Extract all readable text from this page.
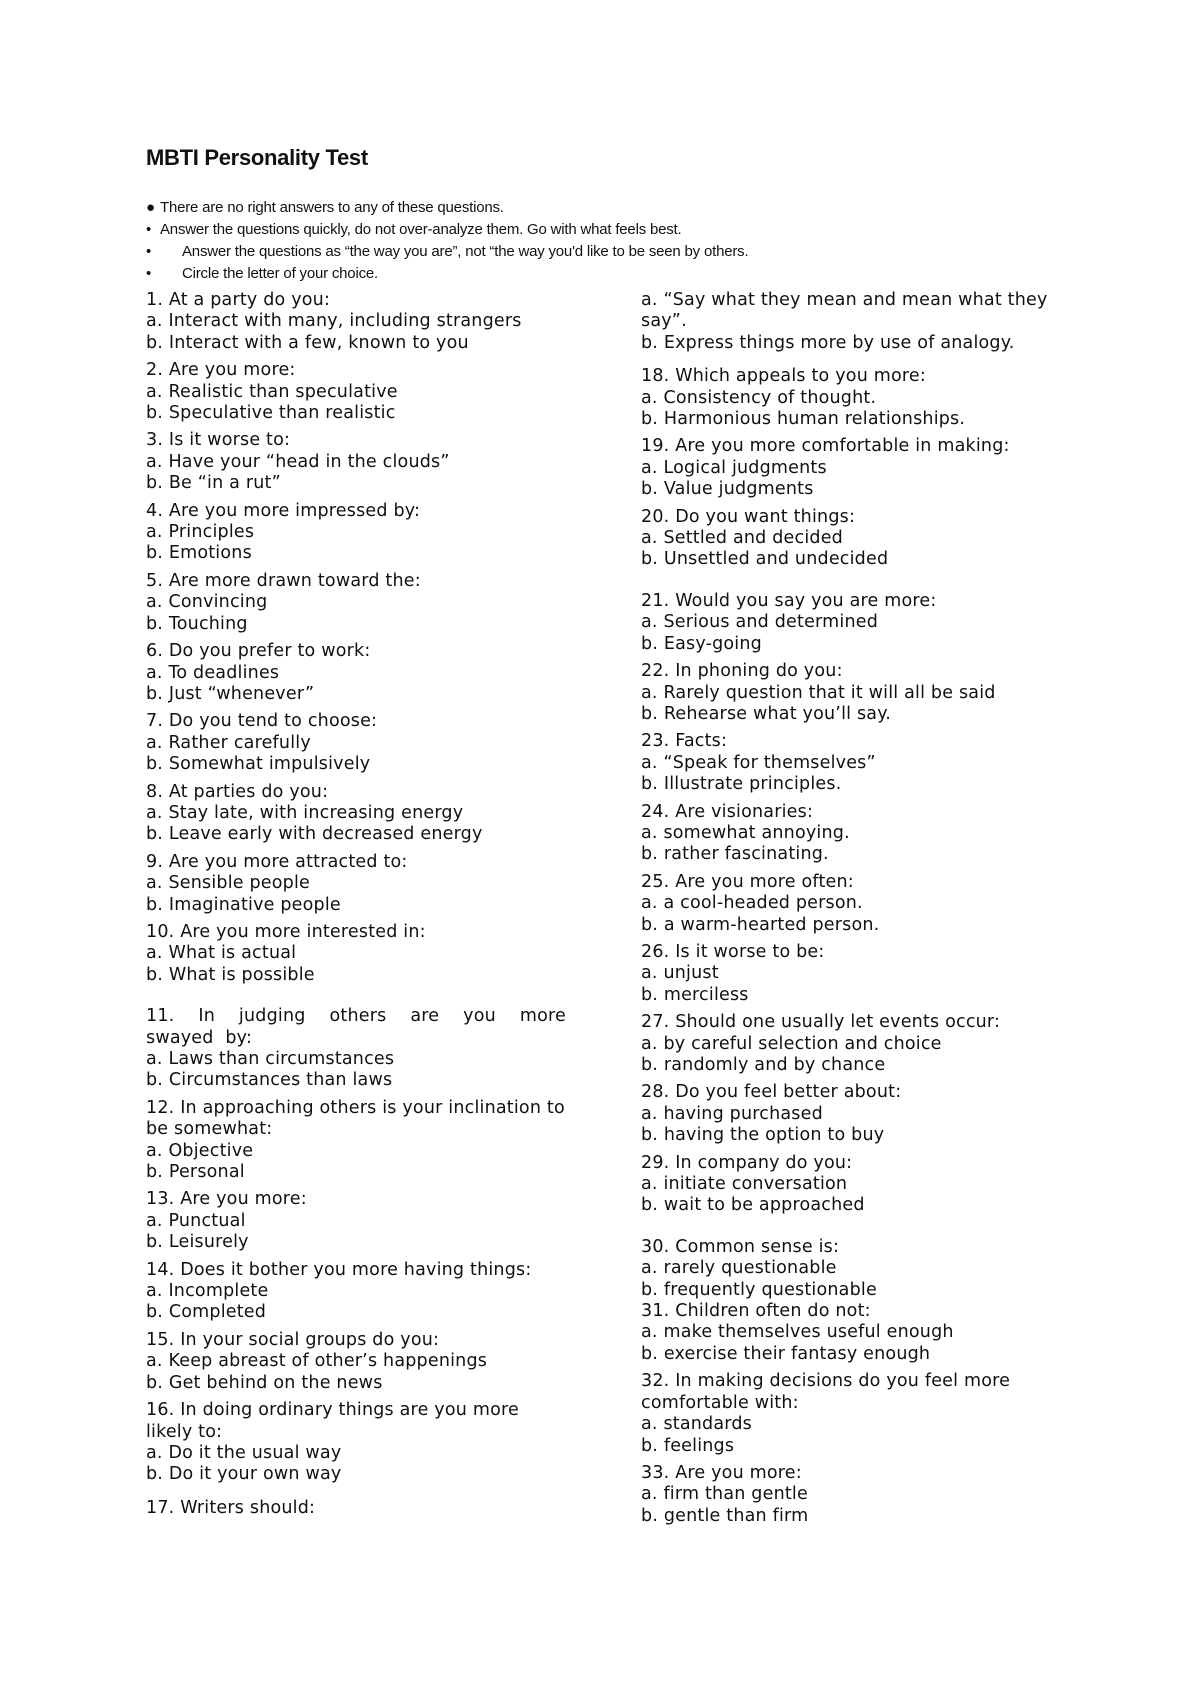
MBTI Personality Test
● There are no right answers to any of these questions.
• Answer the questions quickly, do not over-analyze them. Go with what feels best.
• Answer the questions as “the way you are”, not “the way you'd like to be seen by others.
• Circle the letter of your choice.
1. At a party do you:
a. Interact with many, including strangers
b. Interact with a few, known to you
2. Are you more:
a. Realistic than speculative
b. Speculative than realistic
3. Is it worse to:
a. Have your “head in the clouds”
b. Be “in a rut”
4. Are you more impressed by:
a. Principles
b. Emotions
5. Are more drawn toward the:
a. Convincing
b. Touching
6. Do you prefer to work:
a. To deadlines
b. Just “whenever”
7. Do you tend to choose:
a. Rather carefully
b. Somewhat impulsively
8. At parties do you:
a. Stay late, with increasing energy
b. Leave early with decreased energy
9. Are you more attracted to:
a. Sensible people
b. Imaginative people
10. Are you more interested in:
a. What is actual
b. What is possible
11. In judging others are you more swayed by:
a. Laws than circumstances
b. Circumstances than laws
12. In approaching others is your inclination to be somewhat:
a. Objective
b. Personal
13. Are you more:
a. Punctual
b. Leisurely
14. Does it bother you more having things:
a. Incomplete
b. Completed
15. In your social groups do you:
a. Keep abreast of other’s happenings
b. Get behind on the news
16. In doing ordinary things are you more likely to:
a. Do it the usual way
b. Do it your own way
17. Writers should:
a. “Say what they mean and mean what they say”.
b. Express things more by use of analogy.
18. Which appeals to you more:
a. Consistency of thought.
b. Harmonious human relationships.
19. Are you more comfortable in making:
a. Logical judgments
b. Value judgments
20. Do you want things:
a. Settled and decided
b. Unsettled and undecided
21. Would you say you are more:
a. Serious and determined
b. Easy-going
22. In phoning do you:
a. Rarely question that it will all be said
b. Rehearse what you’ll say.
23. Facts:
a. “Speak for themselves”
b. Illustrate principles.
24. Are visionaries:
a. somewhat annoying.
b. rather fascinating.
25. Are you more often:
a. a cool-headed person.
b. a warm-hearted person.
26. Is it worse to be:
a. unjust
b. merciless
27. Should one usually let events occur:
a. by careful selection and choice
b. randomly and by chance
28. Do you feel better about:
a. having purchased
b. having the option to buy
29. In company do you:
a. initiate conversation
b. wait to be approached
30. Common sense is:
a. rarely questionable
b. frequently questionable
31. Children often do not:
a. make themselves useful enough
b. exercise their fantasy enough
32. In making decisions do you feel more comfortable with:
a. standards
b. feelings
33. Are you more:
a. firm than gentle
b. gentle than firm
